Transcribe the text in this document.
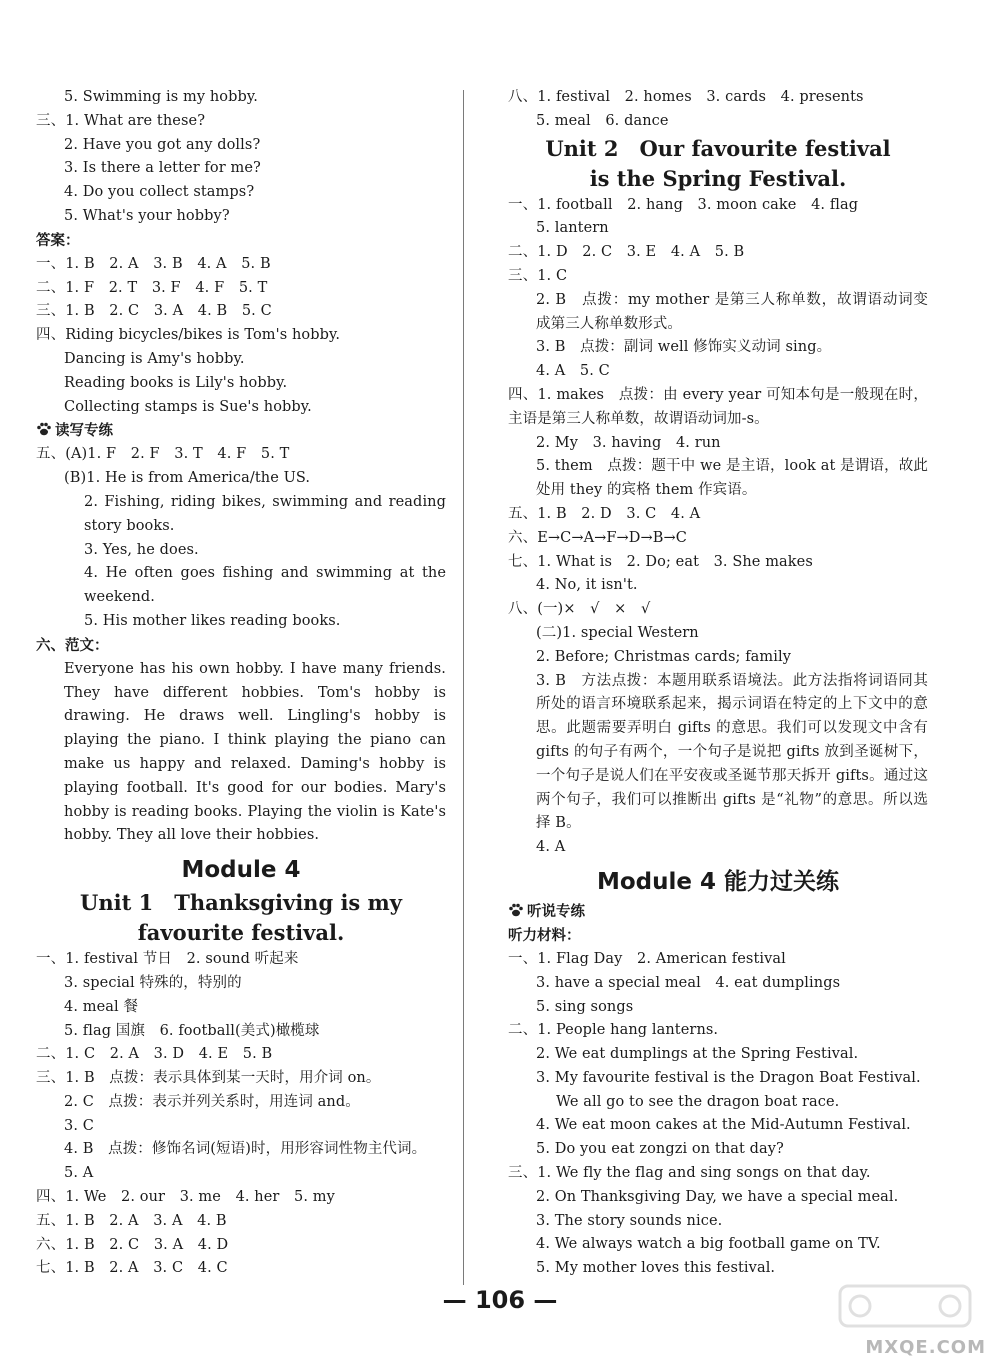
5. Swimming is my hobby.
三、1. What are these?
2. Have you got any dolls?
3. Is there a letter for me?
4. Do you collect stamps?
5. What's your hobby?
答案：
一、1. B　2. A　3. B　4. A　5. B
二、1. F　2. T　3. F　4. F　5. T
三、1. B　2. C　3. A　4. B　5. C
四、Riding bicycles/bikes is Tom's hobby.
Dancing is Amy's hobby.
Reading books is Lily's hobby.
Collecting stamps is Sue's hobby.
读写专练
五、(A)1. F　2. F　3. T　4. F　5. T
(B)1. He is from America/the US.
2. Fishing, riding bikes, swimming and reading story books.
3. Yes, he does.
4. He often goes fishing and swimming at the weekend.
5. His mother likes reading books.
六、范文：
Everyone has his own hobby. I have many friends. They have different hobbies. Tom's hobby is drawing. He draws well. Lingling's hobby is playing the piano. I think playing the piano can make us happy and relaxed. Daming's hobby is playing football. It's good for our bodies. Mary's hobby is reading books. Playing the violin is Kate's hobby. They all love their hobbies.
Module 4
Unit 1　Thanksgiving is my
favourite festival.
一、1. festival 节日　2. sound 听起来
3. special 特殊的，特别的
4. meal 餐
5. flag 国旗　6. football(美式)橄榄球
二、1. C　2. A　3. D　4. E　5. B
三、1. B　点拨：表示具体到某一天时，用介词 on。
2. C　点拨：表示并列关系时，用连词 and。
3. C
4. B　点拨：修饰名词(短语)时，用形容词性物主代词。
5. A
四、1. We　2. our　3. me　4. her　5. my
五、1. B　2. A　3. A　4. B
六、1. B　2. C　3. A　4. D
七、1. B　2. A　3. C　4. C
八、1. festival　2. homes　3. cards　4. presents
5. meal　6. dance
Unit 2　Our favourite festival
is the Spring Festival.
一、1. football　2. hang　3. moon cake　4. flag
5. lantern
二、1. D　2. C　3. E　4. A　5. B
三、1. C
2. B　点拨：my mother 是第三人称单数，故谓语动词变成第三人称单数形式。
3. B　点拨：副词 well 修饰实义动词 sing。
4. A　5. C
四、1. makes　点拨：由 every year 可知本句是一般现在时，主语是第三人称单数，故谓语动词加-s。
2. My　3. having　4. run
5. them　点拨：题干中 we 是主语，look at 是谓语，故此处用 they 的宾格 them 作宾语。
五、1. B　2. D　3. C　4. A
六、E→C→A→F→D→B→C
七、1. What is　2. Do; eat　3. She makes
4. No, it isn't.
八、(一)×　√　×　√
(二)1. special Western
2. Before; Christmas cards; family
3. B　方法点拨：本题用联系语境法。此方法指将词语同其所处的语言环境联系起来，揭示词语在特定的上下文中的意思。此题需要弄明白 gifts 的意思。我们可以发现文中含有 gifts 的句子有两个，一个句子是说把 gifts 放到圣诞树下，一个句子是说人们在平安夜或圣诞节那天拆开 gifts。通过这两个句子，我们可以推断出 gifts 是“礼物”的意思。所以选择 B。
4. A
Module 4 能力过关练
听说专练
听力材料：
一、1. Flag Day　2. American festival
3. have a special meal　4. eat dumplings
5. sing songs
二、1. People hang lanterns.
2. We eat dumplings at the Spring Festival.
3. My favourite festival is the Dragon Boat Festival.
We all go to see the dragon boat race.
4. We eat moon cakes at the Mid-Autumn Festival.
5. Do you eat zongzi on that day?
三、1. We fly the flag and sing songs on that day.
2. On Thanksgiving Day, we have a special meal.
3. The story sounds nice.
4. We always watch a big football game on TV.
5. My mother loves this festival.
— 106 —
MXQE.COM
